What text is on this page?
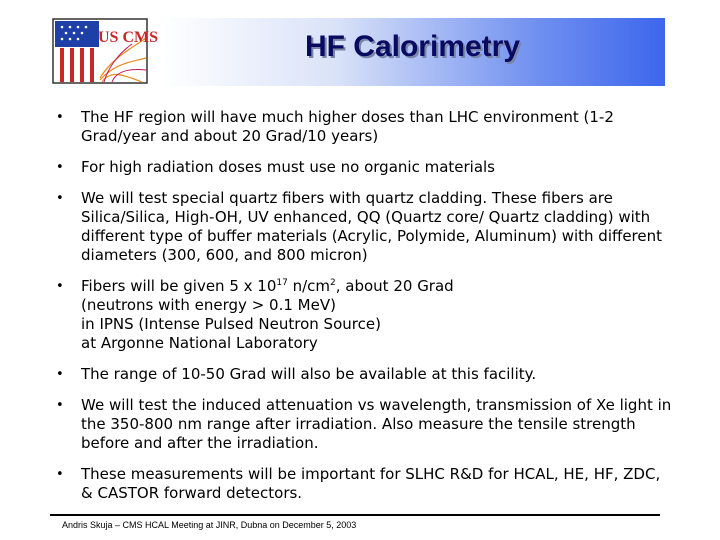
US CMS	HF Calorimetry
• The HF region will have much higher doses than LHC environment (1-2 Grad/year and about 20 Grad/10 years)
• For high radiation doses must use no organic materials
• We will test special quartz fibers with quartz cladding. These fibers are Silica/Silica, High-OH, UV enhanced, QQ (Quartz core/ Quartz cladding) with different type of buffer materials (Acrylic, Polymide, Aluminum) with different diameters (300, 600, and 800 micron)
• Fibers will be given 5 x $10^{17}$ $n/cm^2$, about 20 Grad
(neutrons with energy > 0.1 MeV)
in IPNS (Intense Pulsed Neutron Source)
at Argonne National Laboratory
• The range of 10-50 Grad will also be available at this facility.
• We will test the induced attenuation vs wavelength, transmission of Xe light in the 350-800 nm range after irradiation. Also measure the tensile strength before and after the irradiation.
• These measurements will be important for SLHC R&D for HCAL, HE, HF, ZDC, & CASTOR forward detectors.
Andris Skuja – CMS HCAL Meeting at JINR, Dubna on December 5, 2003
